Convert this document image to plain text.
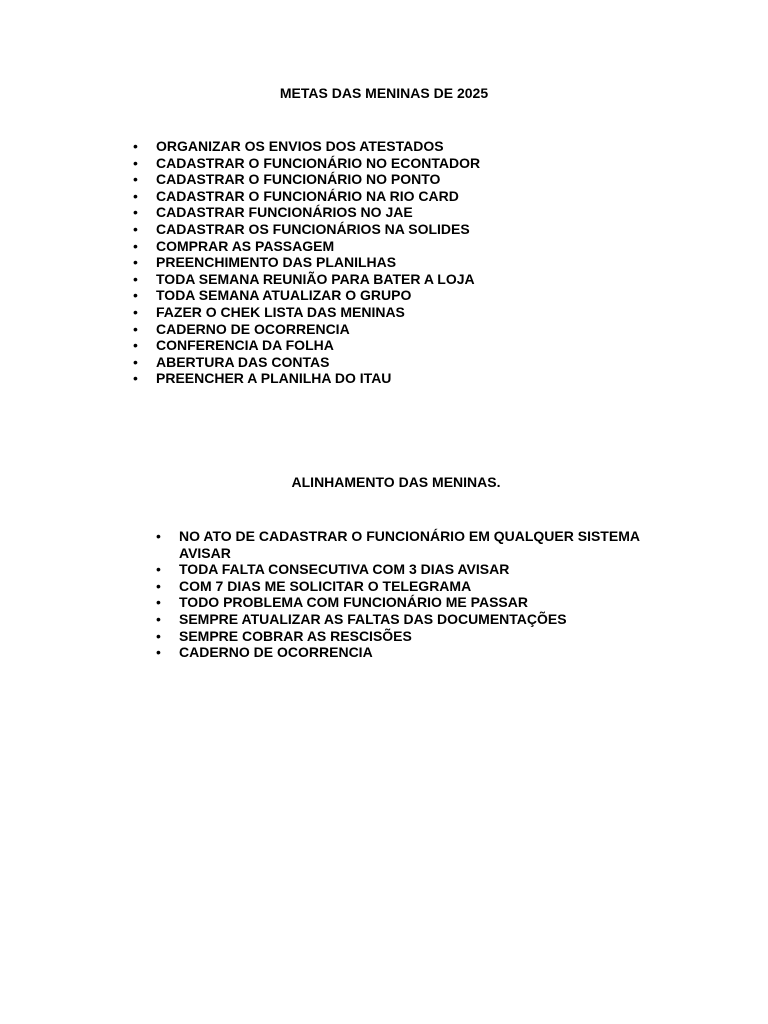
METAS DAS MENINAS DE 2025
•	ORGANIZAR OS ENVIOS DOS ATESTADOS
•	CADASTRAR O FUNCIONÁRIO NO ECONTADOR
•	CADASTRAR O FUNCIONÁRIO NO PONTO
•	CADASTRAR O FUNCIONÁRIO NA RIO CARD
•	CADASTRAR FUNCIONÁRIOS NO JAE
•	CADASTRAR OS FUNCIONÁRIOS NA SOLIDES
•	COMPRAR AS PASSAGEM
•	PREENCHIMENTO DAS PLANILHAS
•	TODA SEMANA REUNIÃO PARA BATER A LOJA
•	TODA SEMANA ATUALIZAR O GRUPO
•	FAZER O CHEK LISTA DAS MENINAS
•	CADERNO DE OCORRENCIA
•	CONFERENCIA DA FOLHA
•	ABERTURA DAS CONTAS
•	PREENCHER A PLANILHA DO ITAU
ALINHAMENTO DAS MENINAS.
•	NO ATO DE CADASTRAR O FUNCIONÁRIO EM QUALQUER SISTEMA AVISAR
•	TODA FALTA CONSECUTIVA COM 3 DIAS AVISAR
•	COM 7 DIAS ME SOLICITAR O TELEGRAMA
•	TODO PROBLEMA COM FUNCIONÁRIO ME PASSAR
•	SEMPRE ATUALIZAR AS FALTAS DAS DOCUMENTAÇÕES
•	SEMPRE COBRAR AS RESCISÕES
•	CADERNO DE OCORRENCIA
